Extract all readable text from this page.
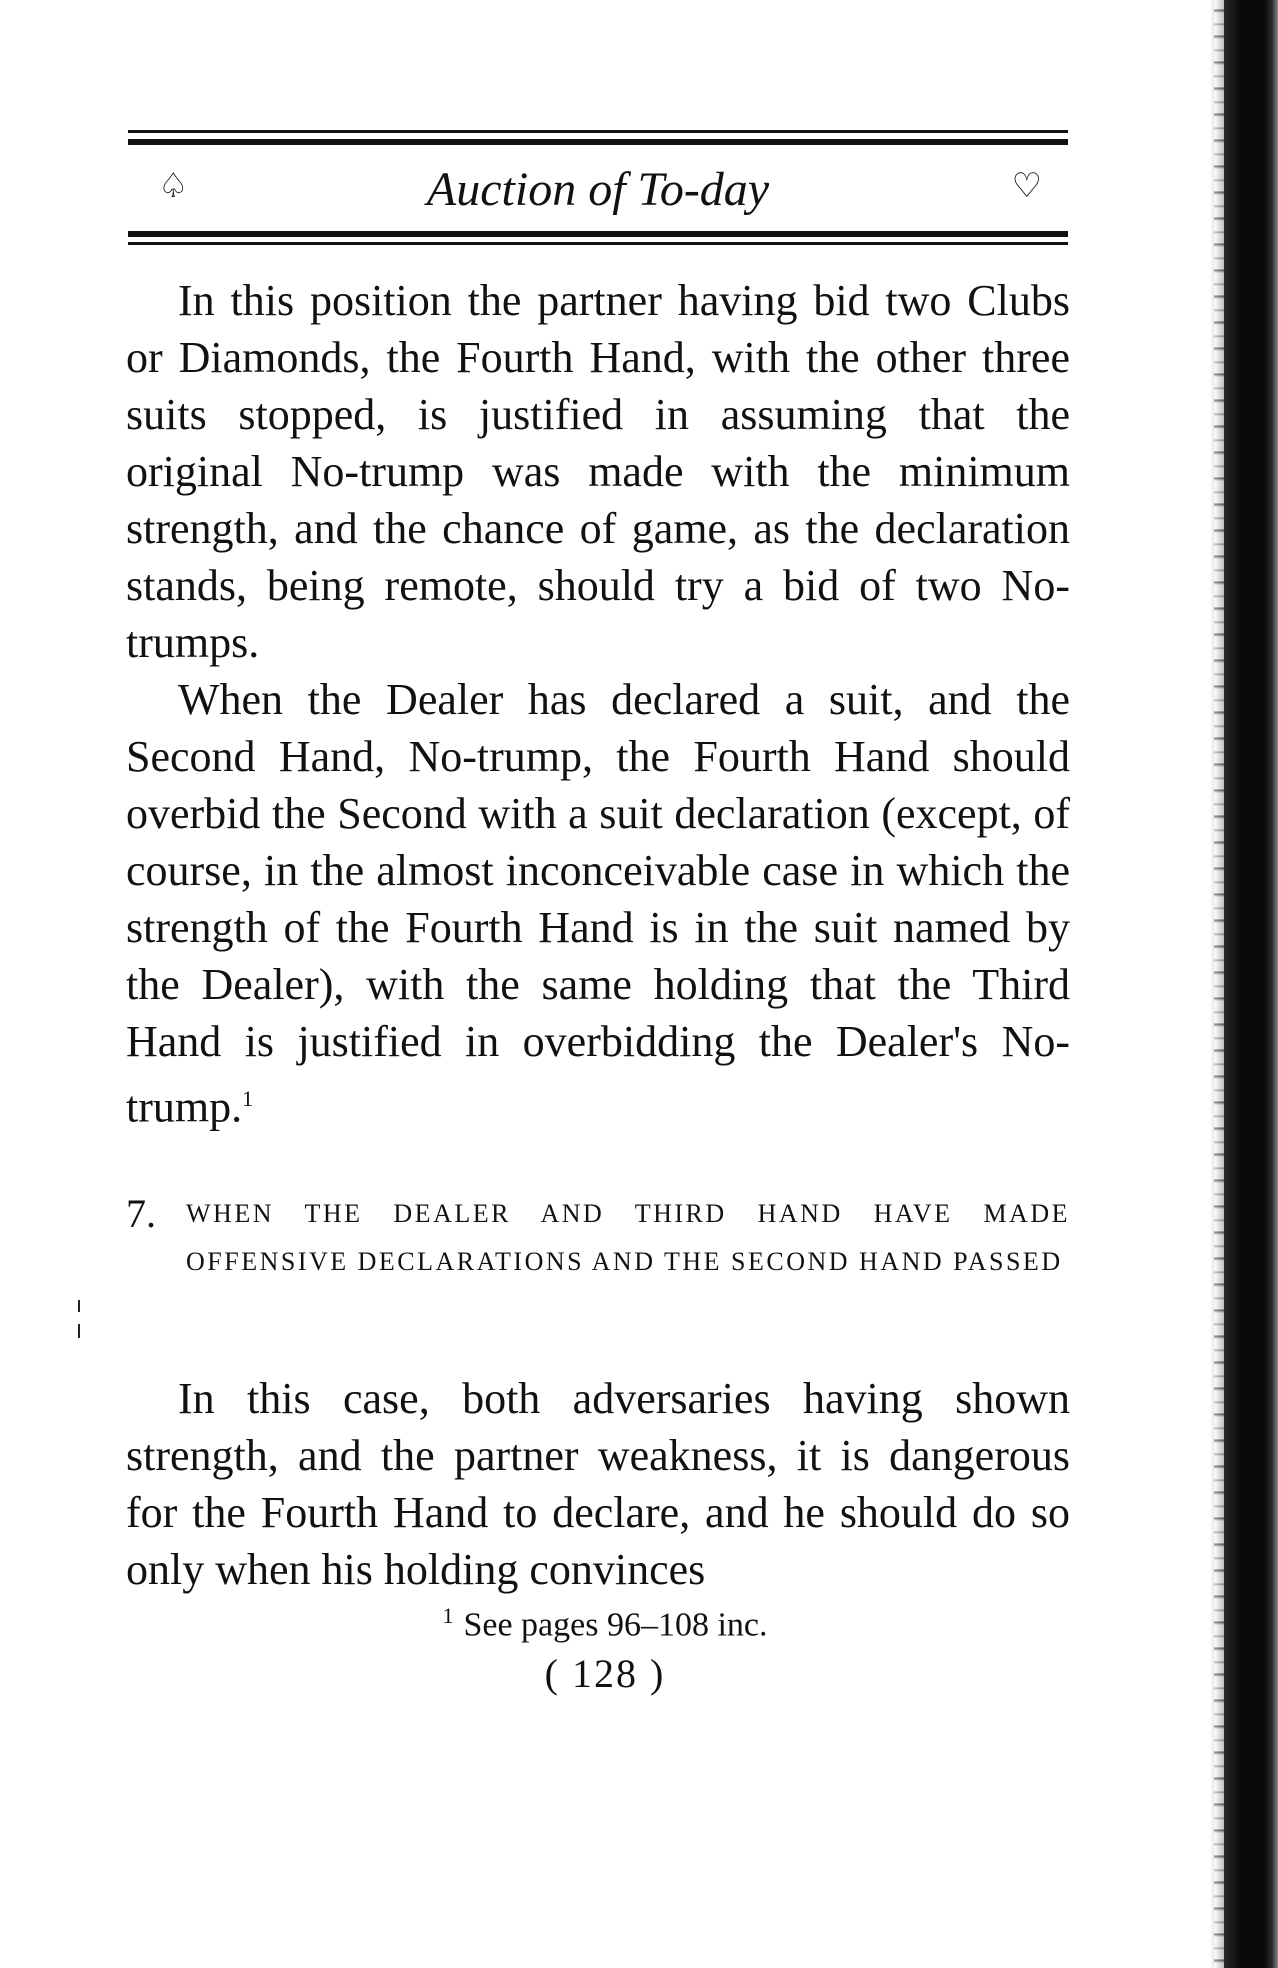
♤	Auction of To-day	♡

In this position the partner having bid two Clubs or Diamonds, the Fourth Hand, with the other three suits stopped, is justified in assuming that the original No-trump was made with the minimum strength, and the chance of game, as the declaration stands, being remote, should try a bid of two No-trumps.

When the Dealer has declared a suit, and the Second Hand, No-trump, the Fourth Hand should overbid the Second with a suit declaration (except, of course, in the almost inconceivable case in which the strength of the Fourth Hand is in the suit named by the Dealer), with the same holding that the Third Hand is justified in overbidding the Dealer's No-trump.$^1$

7. WHEN THE DEALER AND THIRD HAND HAVE MADE OFFENSIVE DECLARATIONS AND THE SECOND HAND PASSED

In this case, both adversaries having shown strength, and the partner weakness, it is dangerous for the Fourth Hand to declare, and he should do so only when his holding convinces

$^1$ See pages 96–108 inc.
( 128 )
